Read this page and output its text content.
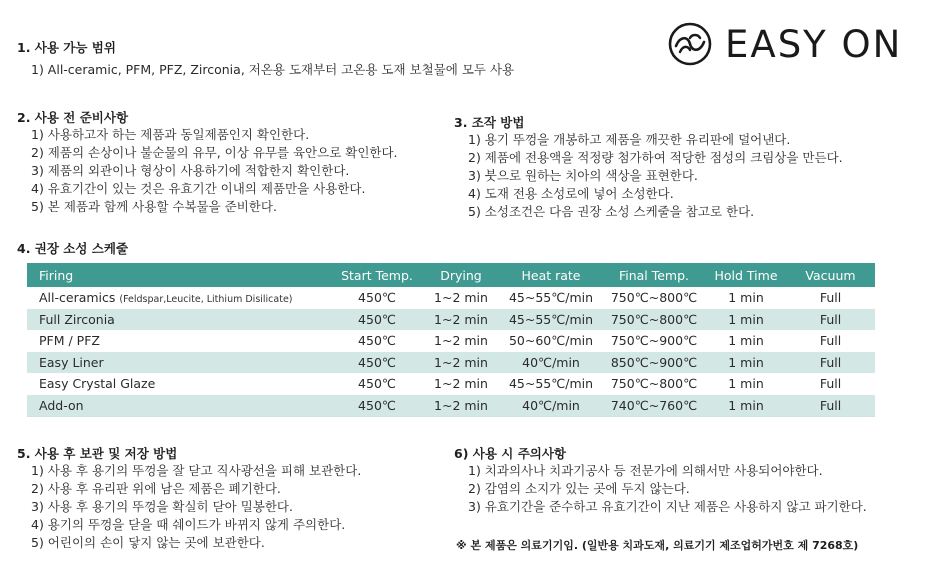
EASY ON
1. 사용 가능 범위
1) All-ceramic, PFM, PFZ, Zirconia, 저온용 도재부터 고온용 도재 보철물에 모두 사용
2. 사용 전 준비사항
1) 사용하고자 하는 제품과 동일제품인지 확인한다.
2) 제품의 손상이나 불순물의 유무, 이상 유무를 육안으로 확인한다.
3) 제품의 외관이나 형상이 사용하기에 적합한지 확인한다.
4) 유효기간이 있는 것은 유효기간 이내의 제품만을 사용한다.
5) 본 제품과 함께 사용할 수복물을 준비한다.
3. 조작 방법
1) 용기 뚜껑을 개봉하고 제품을 깨끗한 유리판에 덜어낸다.
2) 제품에 전용액을 적정량 첨가하여 적당한 점성의 크림상을 만든다.
3) 붓으로 원하는 치아의 색상을 표현한다.
4) 도재 전용 소성로에 넣어 소성한다.
5) 소성조건은 다음 권장 소성 스케줄을 참고로 한다.
4. 권장 소성 스케줄
Firing	Start Temp.	Drying	Heat rate	Final Temp.	Hold Time	Vacuum
All-ceramics (Feldspar,Leucite, Lithium Disilicate)	450℃	1~2 min	45~55℃/min	750℃~800℃	1 min	Full
Full Zirconia	450℃	1~2 min	45~55℃/min	750℃~800℃	1 min	Full
PFM / PFZ	450℃	1~2 min	50~60℃/min	750℃~900℃	1 min	Full
Easy Liner	450℃	1~2 min	40℃/min	850℃~900℃	1 min	Full
Easy Crystal Glaze	450℃	1~2 min	45~55℃/min	750℃~800℃	1 min	Full
Add-on	450℃	1~2 min	40℃/min	740℃~760℃	1 min	Full
5. 사용 후 보관 및 저장 방법
1) 사용 후 용기의 뚜껑을 잘 닫고 직사광선을 피해 보관한다.
2) 사용 후 유리판 위에 남은 제품은 폐기한다.
3) 사용 후 용기의 뚜껑을 확실히 닫아 밀봉한다.
4) 용기의 뚜껑을 닫을 때 쉐이드가 바뀌지 않게 주의한다.
5) 어린이의 손이 닿지 않는 곳에 보관한다.
6) 사용 시 주의사항
1) 치과의사나 치과기공사 등 전문가에 의해서만 사용되어야한다.
2) 감염의 소지가 있는 곳에 두지 않는다.
3) 유효기간을 준수하고 유효기간이 지난 제품은 사용하지 않고 파기한다.
※ 본 제품은 의료기기임. (일반용 치과도재, 의료기기 제조업허가번호 제 7268호)
